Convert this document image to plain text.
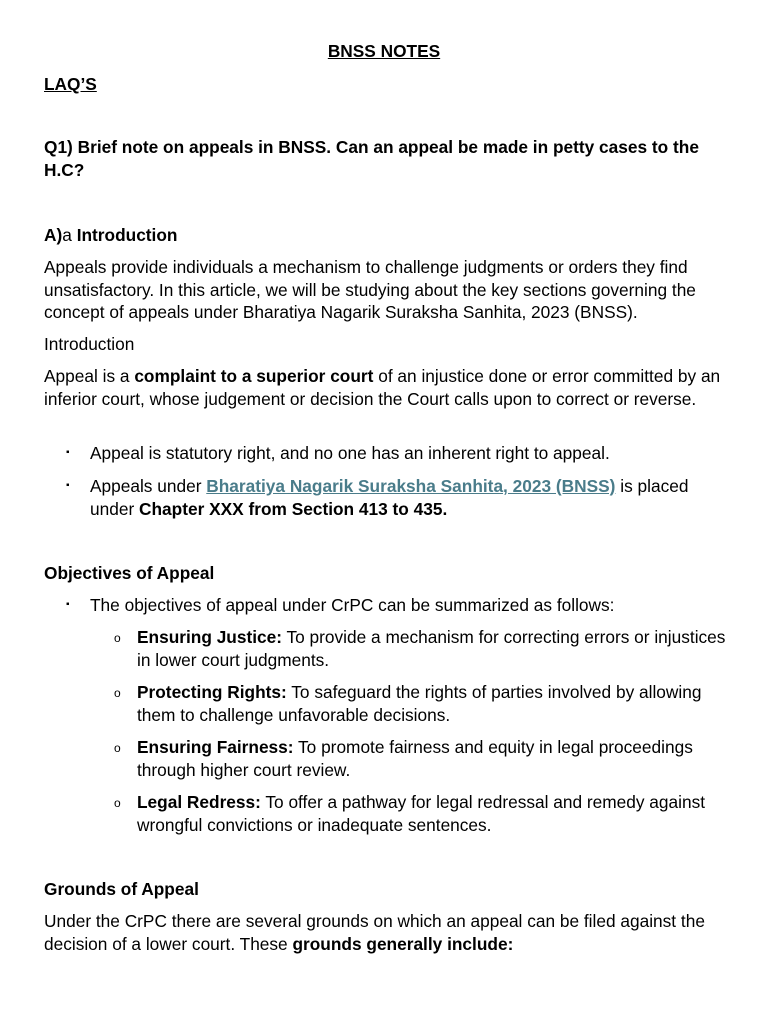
BNSS NOTES

LAQ’S

Q1) Brief note on appeals in BNSS. Can an appeal be made in petty cases to the H.C?

A)a Introduction

Appeals provide individuals a mechanism to challenge judgments or orders they find unsatisfactory. In this article, we will be studying about the key sections governing the concept of appeals under Bharatiya Nagarik Suraksha Sanhita, 2023 (BNSS).

Introduction

Appeal is a complaint to a superior court of an injustice done or error committed by an inferior court, whose judgement or decision the Court calls upon to correct or reverse.

▪ Appeal is statutory right, and no one has an inherent right to appeal.
▪ Appeals under Bharatiya Nagarik Suraksha Sanhita, 2023 (BNSS) is placed under Chapter XXX from Section 413 to 435.

Objectives of Appeal

▪ The objectives of appeal under CrPC can be summarized as follows:
o Ensuring Justice: To provide a mechanism for correcting errors or injustices in lower court judgments.
o Protecting Rights: To safeguard the rights of parties involved by allowing them to challenge unfavorable decisions.
o Ensuring Fairness: To promote fairness and equity in legal proceedings through higher court review.
o Legal Redress: To offer a pathway for legal redressal and remedy against wrongful convictions or inadequate sentences.

Grounds of Appeal

Under the CrPC there are several grounds on which an appeal can be filed against the decision of a lower court. These grounds generally include:
